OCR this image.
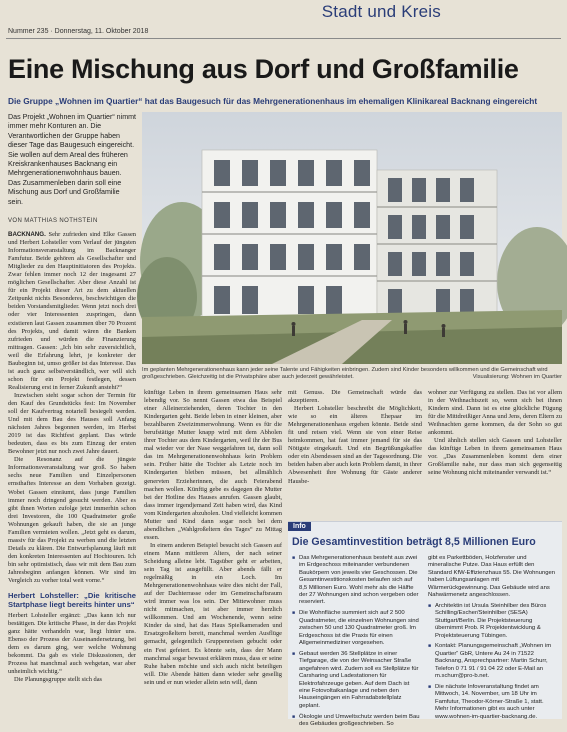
Nummer 235 · Donnerstag, 11. Oktober 2018
Stadt und Kreis
Eine Mischung aus Dorf und Großfamilie
Die Gruppe „Wohnen im Quartier“ hat das Baugesuch für das Mehrgenerationenhaus im ehemaligen Klinikareal Backnang eingereicht
Das Projekt „Wohnen im Quartier“ nimmt immer mehr Konturen an. Die Verantwortlichen der Gruppe haben dieser Tage das Baugesuch eingereicht. Sie wollen auf dem Areal des früheren Kreiskrankenhauses Backnang ein Mehrgenerationenwohnhaus bauen. Das Zusammenleben darin soll eine Mischung aus Dorf und Großfamilie sein.
VON MATTHIAS NOTHSTEIN

BACKNANG. Sehr zufrieden sind Elke Gassen und Herbert Lohsteller vom Verlauf der jüngsten Informationsveranstaltung im Backnanger Famfutur. Beide gehören als Gesellschafter und Mitglieder zu den Hauptinitiatoren des Projekts. Zwar fehlen immer noch 12 der insgesamt 27 möglichen Gesellschafter. Aber diese Anzahl ist für ein Projekt dieser Art zu dem aktuellen Zeitpunkt nichts Besonderes, beschwichtigen die beiden Vorstandsmitglieder. Wenn jetzt noch drei oder vier Interessenten zuspringen, dann existieren laut Gassen zusammen über 70 Prozent des Projekts, und damit wären die Banken zufrieden und würden die Finanzierung mittragen. Gassen: „Ich bin sehr zuversichtlich, weil die Erfahrung lehrt, je konkreter der Baubeginn ist, umso größer ist das Interesse. Das ist auch ganz selbstverständlich, wer will sich schon für ein Projekt festlegen, dessen Realisierung erst in ferner Zukunft ansteht?“

Inzwischen steht sogar schon der Termin für den Kauf des Grundstücks fest: Im November soll der Kaufvertrag notariell besiegelt werden. Und mit dem Bau des Hauses soll Anfang nächsten Jahres begonnen werden, im Herbst 2019 ist das Richtfest geplant. Das würde bedeuten, dass es bis zum Einzug der ersten Bewohner jetzt nur noch zwei Jahre dauert.

Die Resonanz auf die jüngste Informationsveranstaltung war groß. So haben sechs neue Familien und Einzelpersonen ernsthaftes Interesse an dem Vorhaben gezeigt. Wobei Gassen einräumt, dass junge Familien immer noch dringend gesucht werden. Aber es gibt ihnen Worten zufolge jetzt immerhin schon drei Investoren, die 100 Quadratmeter große Wohnungen gekauft haben, die sie an junge Familien vermieten wollen. „Jetzt geht es darum, massiv für das Projekt zu werben und die letzten Details zu klären. Die Entwurfsplanung läuft mit den konkreten Interessenten auf Hochtouren. Ich bin sehr optimistisch, dass wir mit dem Bau zum Jahresbeginn anfangen können. Wir sind im Vergleich zu vorher total weit vorne.“

Herbert Lohsteller: „Die kritische Startphase liegt bereits hinter uns“

Herbert Lohsteller ergänzt: „Das kann ich nur bestätigen. Die kritische Phase, in der das Projekt ganz hätte verhandeln war, liegt hinter uns. Ebenso der Prozess der Auseinandersetzung, bei dem es darum ging, wer welche Wohnung bekommt. Da gab es viele Diskussionen, der Prozess hat manchmal auch wehgetan, war aber unheimlich wichtig.“

Die Planungsgruppe stellt sich das

Im geplanten Mehrgenerationenhaus kann jeder seine Talente und Fähigkeiten einbringen. Zudem sind Kinder besonders willkommen und die Gemeinschaft wird großgeschrieben. Gleichzeitig ist die Privatsphäre aber auch jederzeit gewährleistet.	Visualisierung: Wohnen im Quartier

künftige Leben in ihrem gemeinsamen Haus sehr lebendig vor. So nennt Gassen etwa das Beispiel einer Alleinerziehenden, deren Tochter in den Kindergarten geht. Beide leben in einer kleinen, aber bezahlbaren Zweizimmerwohnung. Wenn es für die berufstätige Mutter knapp wird mit dem Abholen ihrer Tochter aus dem Kindergarten, weil ihr der Bus mal wieder vor der Nase weggefahren ist, dann soll das im Mehrgenerationenwohnhaus kein Problem sein. Früher hätte die Tochter als Letzte noch im Kindergarten bleiben müssen, bei allmählich genervten Erzieherinnen, die auch Feierabend machen wollen. Künftig gebe es dagegen die Mutter bei der Hotline des Hauses anrufen. Gassen glaubt, dass immer irgendjemand Zeit haben wird, das Kind vom Kindergarten abzuholen. Und vielleicht kommen Mutter und Kind dann sogar noch bei dem abendlichen „Wahlgroßeltern des Tages“ zu Mittag essen.

In einem anderen Beispiel besucht sich Gassen auf einem Mann mittleren Alters, der nach seiner Scheidung alleine lebt. Tagsüber geht er arbeiten, sein Tag ist ausgefüllt. Aber abends fällt er regelmäßig in ein Loch. Im Mehrgenerationenwohnhaus wäre dies nicht der Fall, auf der Dachterrasse oder im Gemeinschaftsraum wird immer was los sein. Der Mittewohner muss nicht mitmachen, ist aber immer herzlich willkommen. Und am Wochenende, wenn seine Kinder da sind, hat das Haus Spielkameraden und Ersatzgroßeltern bereit, manchmal werden Ausflüge gemacht, gelegentlich Gruppenreisen gebucht oder ein Fest gefeiert. Es könnte sein, dass der Mann manchmal sogar bewusst erklären muss, dass er seine Ruhe haben möchte und sich auch nicht beteiligen will. Die Abende hätten dann wieder sehr gesellig sein und er nun wieder allein sein will, dann

mit Genuss. Die Gemeinschaft würde das akzeptieren.

Herbert Lohsteller beschreibt die Möglichkeit, wie so ein älteres Ehepaar im Mehrgenerationenhaus ergehen könnte. Beide sind fit und reisen viel. Wenn sie von einer Reise heimkommen, hat fast immer jemand für sie das Nötigste eingekauft. Und ein Begrüßungskaffee oder ein Abendessen sind an der Tagesordnung. Die beiden haben aber auch kein Problem damit, in ihrer Abwesenheit ihre Wohnung für Gäste anderer Hausbe-

wohner zur Verfügung zu stellen. Das ist vor allem in der Weihnachtszeit so, wenn sich bei ihnen Kindern sind. Dann ist es eine glückliche Fügung für die Mittdreißiger Anna und Jens, deren Eltern zu Weihnachten gerne kommen, da der Sohn so gut ankommt.

Und ähnlich stellen sich Gassen und Lohsteller das künftige Leben in ihrem gemeinsamen Haus vor. „Das Zusammenleben kommt dem einer Großfamilie nahe, nur dass man sich gegenseitig seine Wohnung nicht miteinander verwandt ist.“

Info
Die Gesamtinvestition beträgt 8,5 Millionen Euro
■ Das Mehrgenerationenhaus besteht aus zwei im Erdgeschoss miteinander verbundenen Baukörpern von jeweils vier Geschossen. Die Gesamtinvestitionskosten belaufen sich auf 8,5 Millionen Euro. Wohl mehr als die Hälfte der 27 Wohnungen sind schon vergeben oder reserviert.
■ Die Wohnfläche summiert sich auf 2 500 Quadratmeter, die einzelnen Wohnungen sind zwischen 50 und 130 Quadratmeter groß. Im Erdgeschoss ist die Praxis für einen Allgemeinmediziner vorgesehen.
■ Gebaut werden 36 Stellplätze in einer Tiefgarage, die von der Weinsacher Straße angefahren wird. Zudem soll es Stellplätze für Carsharing und Ladestationen für Elektrofahrzeuge geben. Auf dem Dach ist eine Fotovoltaikanlage und neben den Hauseingängen ein Fahrradabstellplatz geplant.
■ Ökologie und Umweltschutz werden beim Bau des Gebäudes großgeschrieben. So
gibt es Parkettböden, Holzfenster und mineralische Putze. Das Haus erfüllt den Standard KfW-Effizienzhaus 55. Die Wohnungen haben Lüftungsanlagen mit Wärmerückgewinnung. Das Gebäude wird ans Nahwärmenetz angeschlossen.
■ Architektin ist Ursula Steinhilber des Büros Schilling/Escher/Steinhilber (SESA) Stuttgart/Berlin. Die Projektsteuerung übernimmt Prob. R Projektentwicklung & Projektsteuerung Tübingen.
■ Kontakt: Planungsgemeinschaft „Wohnen im Quartier“ GbR, Untere Au 24 in 71522 Backnang, Ansprechpartner: Martin Schurr, Telefon 0 71 91 / 91 04 22 oder E-Mail an m.schurr@pro-b.net.
■ Die nächste Infoveranstaltung findet am Mittwoch, 14. November, um 18 Uhr im Famfutur, Theodor-Körner-Straße 1, statt. Mehr Informationen gibt es auch unter www.wohnen-im-quartier-backnang.de.
